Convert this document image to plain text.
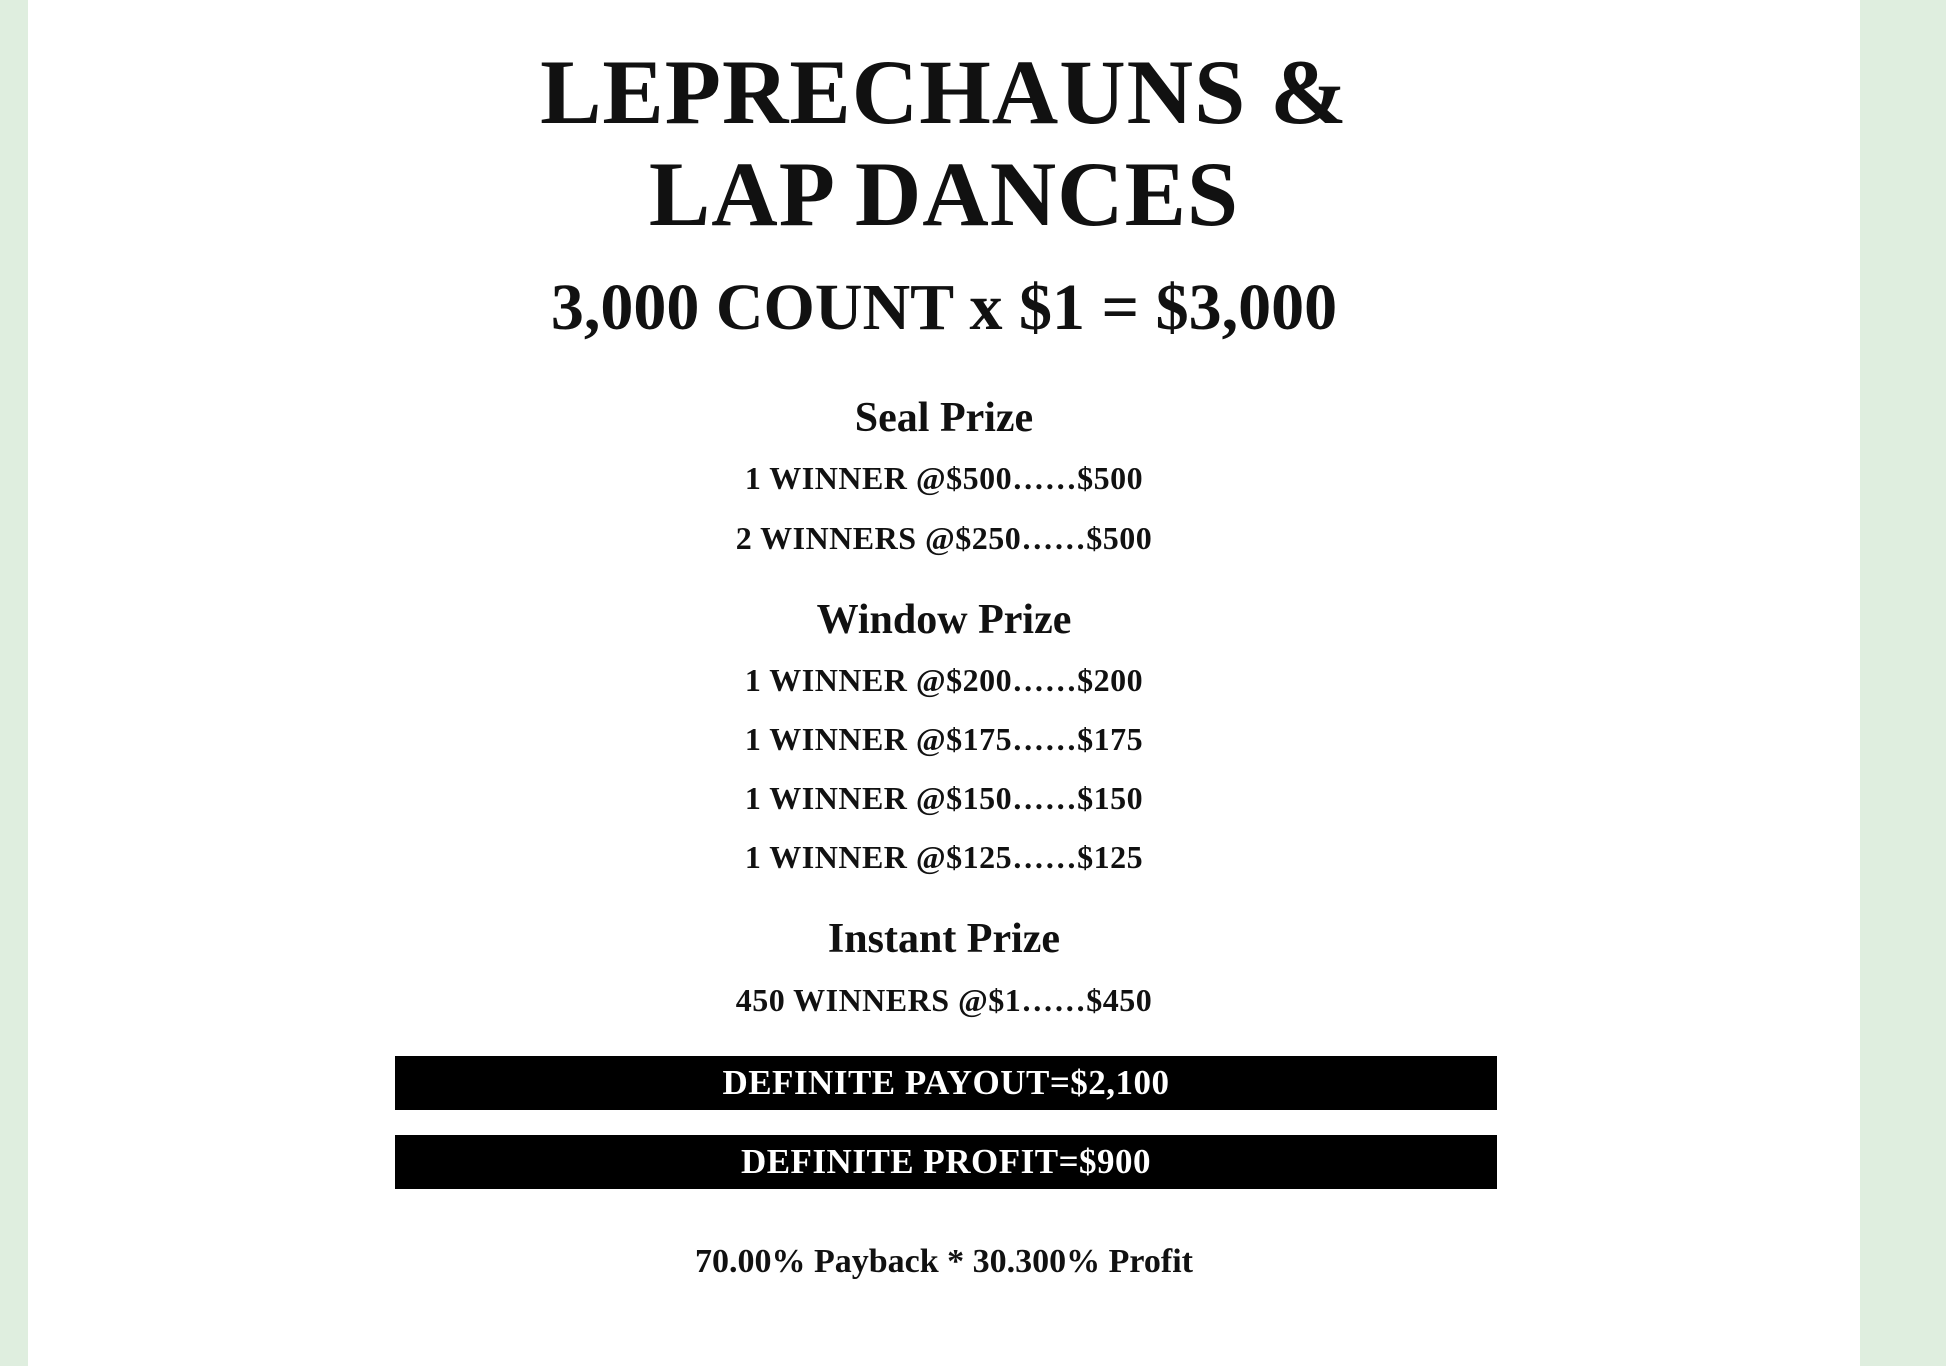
LEPRECHAUNS &
LAP DANCES
3,000 COUNT x $1 = $3,000
Seal Prize
1 WINNER @$500……$500
2 WINNERS @$250……$500
Window Prize
1 WINNER @$200……$200
1 WINNER @$175……$175
1 WINNER @$150……$150
1 WINNER @$125……$125
Instant Prize
450 WINNERS @$1……$450
DEFINITE PAYOUT=$2,100
DEFINITE PROFIT=$900
70.00% Payback * 30.300% Profit
